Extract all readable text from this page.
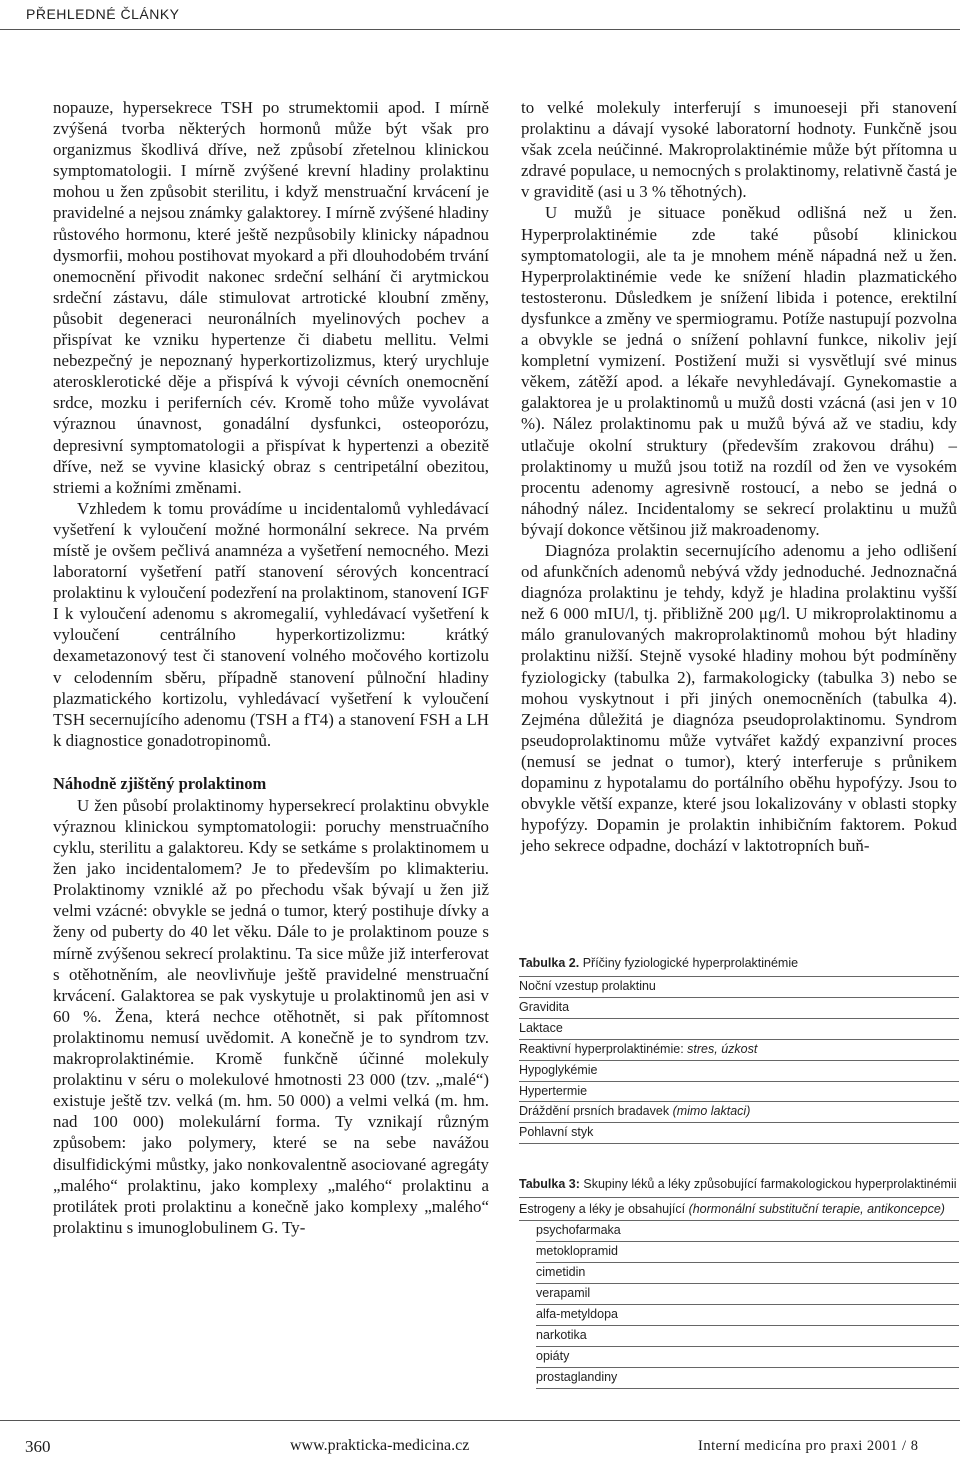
PŘEHLEDNÉ ČLÁNKY

nopauze, hypersekrece TSH po strumektomii apod. I mírně zvýšená tvorba některých hormonů může být však pro organizmus škodlivá dříve, než způsobí zřetelnou klinickou symptomatologii. I mírně zvýšené krevní hladiny prolaktinu mohou u žen způsobit sterilitu, i když menstruační krvácení je pravidelné a nejsou známky galaktorey. I mírně zvýšené hladiny růstového hormonu, které ještě nezpůsobily klinicky nápadnou dysmorfii, mohou postihovat myokard a při dlouhodobém trvání onemocnění přivodit nakonec srdeční selhání či arytmickou srdeční zástavu, dále stimulovat artrotické kloubní změny, působit degeneraci neuronálních myelinových pochev a přispívat ke vzniku hypertenze či diabetu mellitu. Velmi nebezpečný je nepoznaný hyperkortizolizmus, který urychluje aterosklerotické děje a přispívá k vývoji cévních onemocnění srdce, mozku i periferních cév. Kromě toho může vyvolávat výraznou únavnost, gonadální dysfunkci, osteoporózu, depresivní symptomatologii a přispívat k hypertenzi a obezitě dříve, než se vyvine klasický obraz s centripetální obezitou, striemi a kožními změnami.

Vzhledem k tomu provádíme u incidentalomů vyhledávací vyšetření k vyloučení možné hormonální sekrece. Na prvém místě je ovšem pečlivá anamnéza a vyšetření nemocného. Mezi laboratorní vyšetření patří stanovení sérových koncentrací prolaktinu k vyloučení podezření na prolaktinom, stanovení IGF I k vyloučení adenomu s akromegalií, vyhledávací vyšetření k vyloučení centrálního hyperkortizolizmu: krátký dexametazonový test či stanovení volného močového kortizolu v celodenním sběru, případně stanovení půlnoční hladiny plazmatického kortizolu, vyhledávací vyšetření k vyloučení TSH secernujícího adenomu (TSH a fT4) a stanovení FSH a LH k diagnostice gonadotropinomů.

Náhodně zjištěný prolaktinom

U žen působí prolaktinomy hypersekrecí prolaktinu obvykle výraznou klinickou symptomatologii: poruchy menstruačního cyklu, sterilitu a galaktoreu. Kdy se setkáme s prolaktinomem u žen jako incidentalomem? Je to především po klimakteriu. Prolaktinomy vzniklé až po přechodu však bývají u žen již velmi vzácné: obvykle se jedná o tumor, který postihuje dívky a ženy od puberty do 40 let věku. Dále to je prolaktinom pouze s mírně zvýšenou sekrecí prolaktinu. Ta sice může již interferovat s otěhotněním, ale neovlivňuje ještě pravidelné menstruační krvácení. Galaktorea se pak vyskytuje u prolaktinomů jen asi v 60 %. Žena, která nechce otěhotnět, si pak přítomnost prolaktinomu nemusí uvědomit. A konečně je to syndrom tzv. makroprolaktinémie. Kromě funkčně účinné molekuly prolaktinu v séru o molekulové hmotnosti 23 000 (tzv. „malé“) existuje ještě tzv. velká (m. hm. 50 000) a velmi velká (m. hm. nad 100 000) molekulární forma. Ty vznikají různým způsobem: jako polymery, které se na sebe navážou disulfidickými můstky, jako nonkovalentně asociované agregáty „malého“ prolaktinu, jako komplexy „malého“ prolaktinu a protilátek proti prolaktinu a konečně jako komplexy „malého“ prolaktinu s imunoglobulinem G. Ty-

to velké molekuly interferují s imunoeseji při stanovení prolaktinu a dávají vysoké laboratorní hodnoty. Funkčně jsou však zcela neúčinné. Makroprolaktinémie může být přítomna u zdravé populace, u nemocných s prolaktinomy, relativně častá je v graviditě (asi u 3 % těhotných).

U mužů je situace poněkud odlišná než u žen. Hyperprolaktinémie zde také působí klinickou symptomatologii, ale ta je mnohem méně nápadná než u žen. Hyperprolaktinémie vede ke snížení hladin plazmatického testosteronu. Důsledkem je snížení libida i potence, erektilní dysfunkce a změny ve spermiogramu. Potíže nastupují pozvolna a obvykle se jedná o snížení pohlavní funkce, nikoliv její kompletní vymizení. Postižení muži si vysvětlují své minus věkem, zátěží apod. a lékaře nevyhledávají. Gynekomastie a galaktorea je u prolaktinomů u mužů dosti vzácná (asi jen v 10 %). Nález prolaktinomu pak u mužů bývá až ve stadiu, kdy utlačuje okolní struktury (především zrakovou dráhu) – prolaktinomy u mužů jsou totiž na rozdíl od žen ve vysokém procentu adenomy agresivně rostoucí, a nebo se jedná o náhodný nález. Incidentalomy se sekrecí prolaktinu u mužů bývají dokonce většinou již makroadenomy.

Diagnóza prolaktin secernujícího adenomu a jeho odlišení od afunkčních adenomů nebývá vždy jednoduché. Jednoznačná diagnóza prolaktinu je tehdy, když je hladina prolaktinu vyšší než 6 000 mIU/l, tj. přibližně 200 μg/l. U mikroprolaktinomu a málo granulovaných makroprolaktinomů mohou být hladiny prolaktinu nižší. Stejně vysoké hladiny mohou být podmíněny fyziologicky (tabulka 2), farmakologicky (tabulka 3) nebo se mohou vyskytnout i při jiných onemocněních (tabulka 4). Zejména důležitá je diagnóza pseudoprolaktinomu. Syndrom pseudoprolaktinomu může vytvářet každý expanzivní proces (nemusí se jednat o tumor), který interferuje s průnikem dopaminu z hypotalamu do portálního oběhu hypofýzy. Jsou to obvykle větší expanze, které jsou lokalizovány v oblasti stopky hypofýzy. Dopamin je prolaktin inhibičním faktorem. Pokud jeho sekrece odpadne, dochází v laktotropních buň-

Tabulka 2. Příčiny fyziologické hyperprolaktinémie
Noční vzestup prolaktinu
Gravidita
Laktace
Reaktivní hyperprolaktinémie: stres, úzkost
Hypoglykémie
Hypertermie
Dráždění prsních bradavek (mimo laktaci)
Pohlavní styk
Tabulka 3: Skupiny léků a léky způsobující farmakologickou hyperprolaktinémii
Estrogeny a léky je obsahující (hormonální substituční terapie, antikoncepce)
psychofarmaka
metoklopramid
cimetidin
verapamil
alfa-metyldopa
narkotika
opiáty
prostaglandiny
360	www.prakticka-medicina.cz	Interní medicína pro praxi 2001 / 8
